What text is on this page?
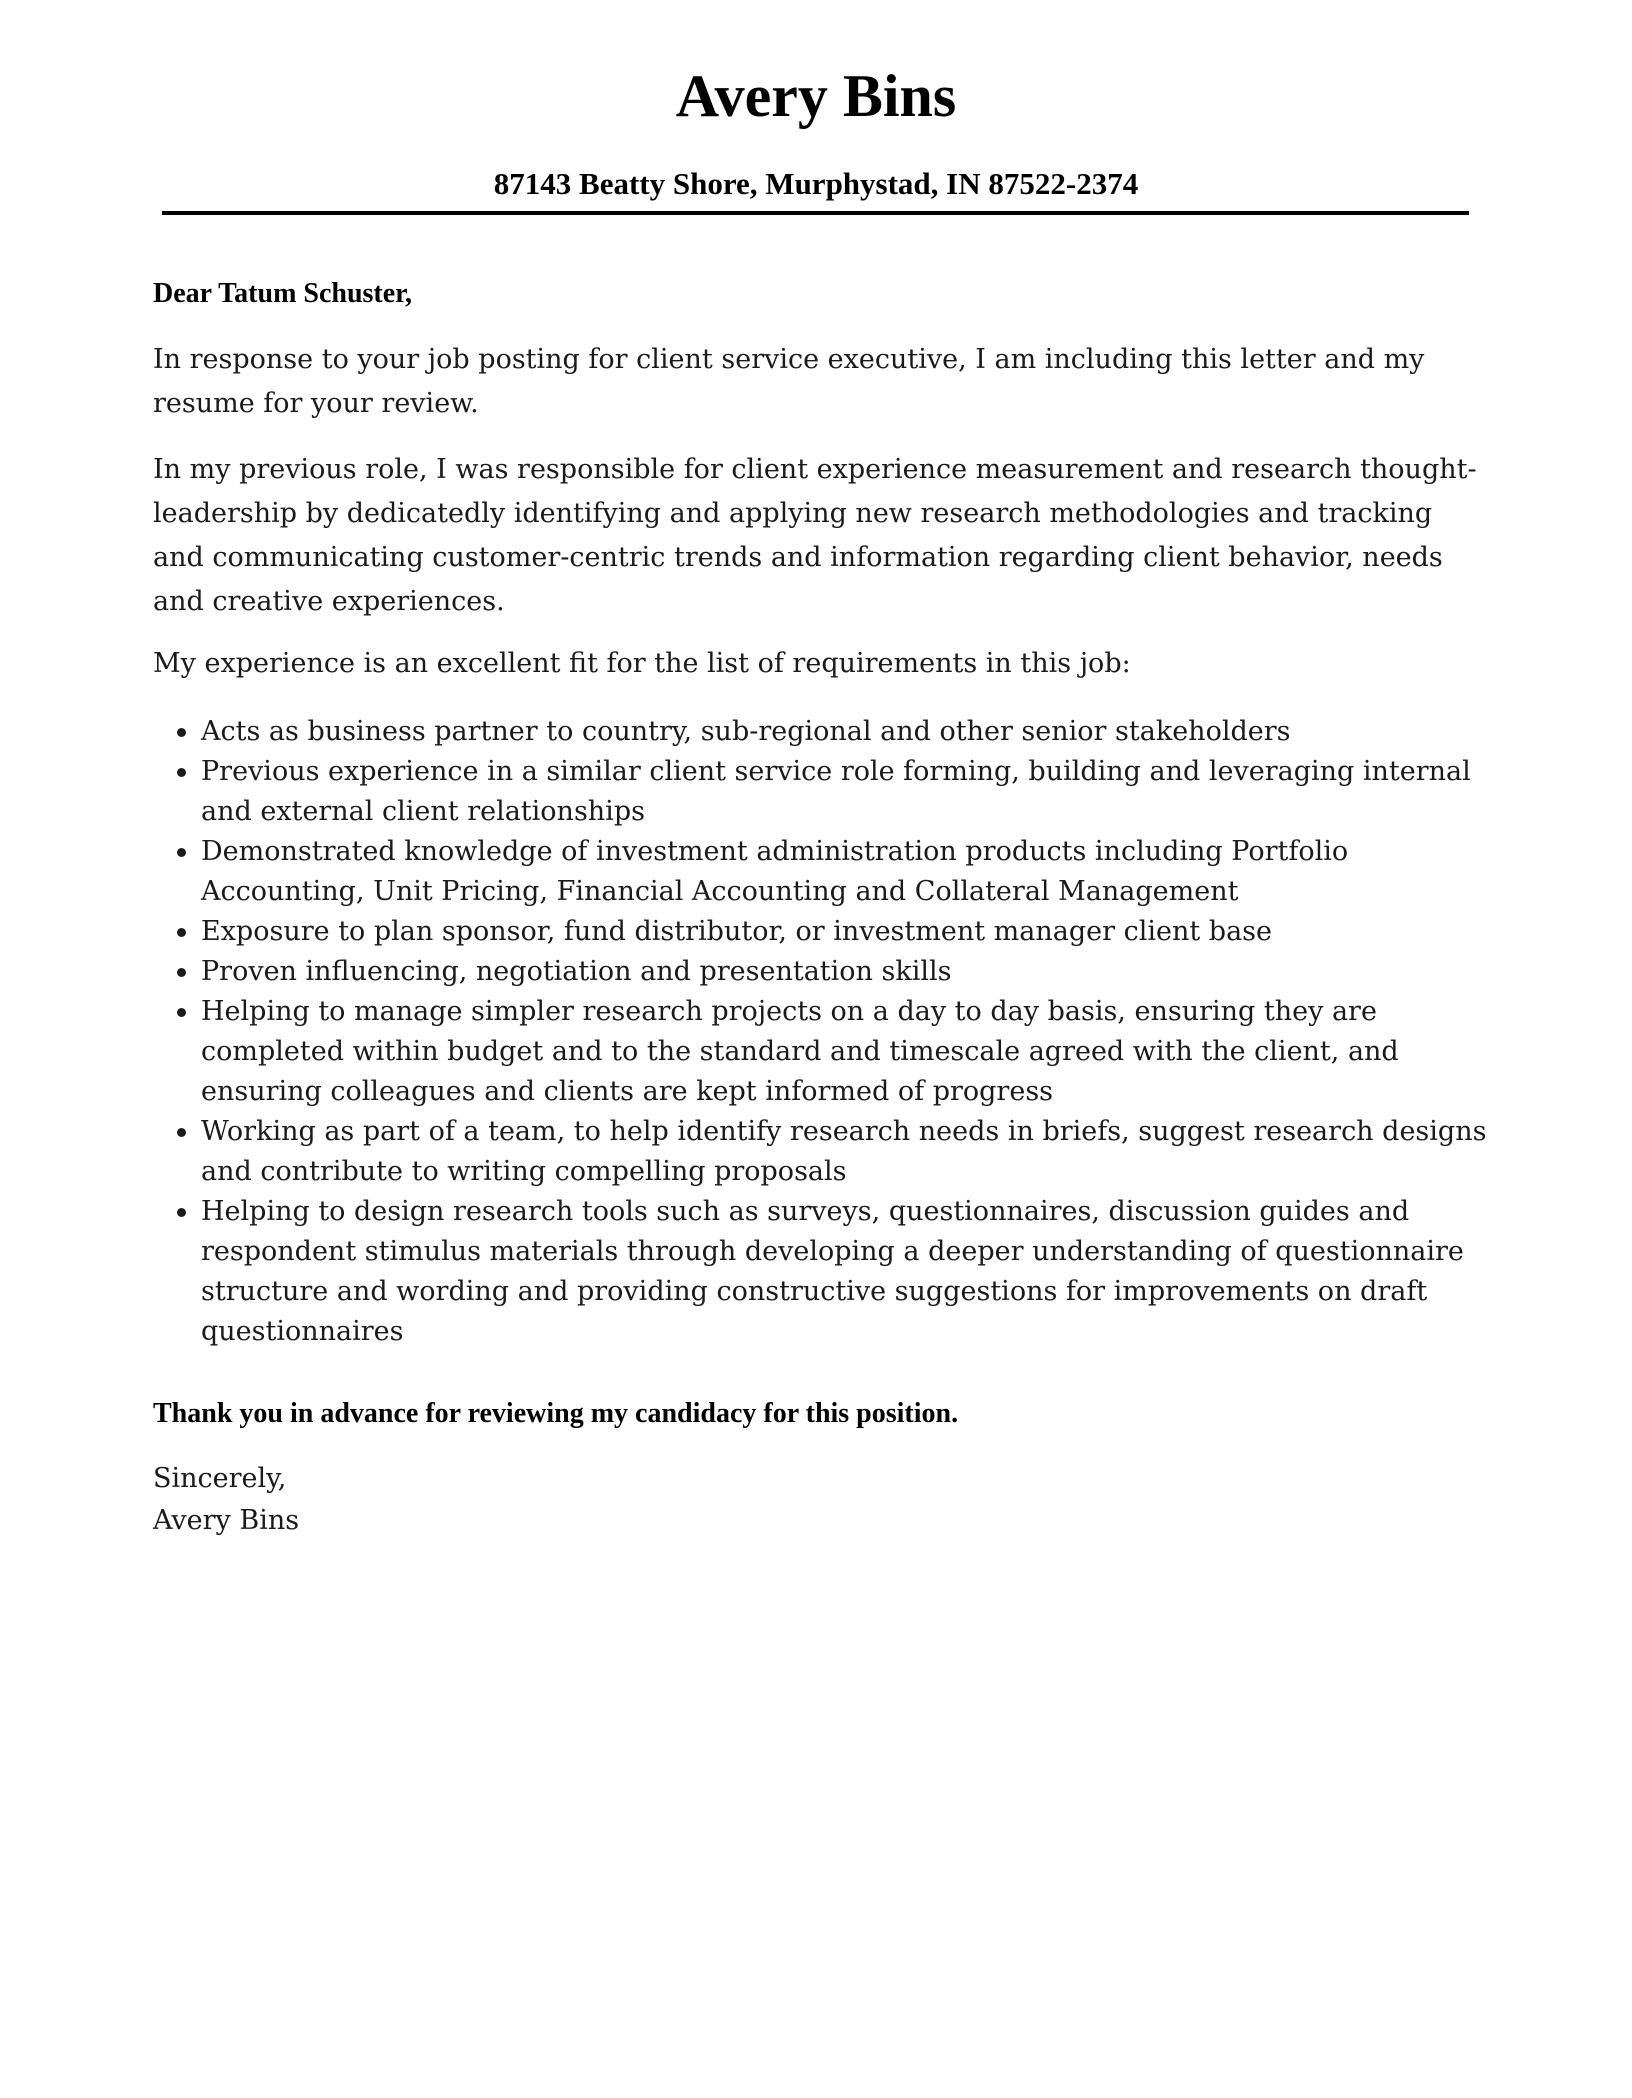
Avery Bins
87143 Beatty Shore, Murphystad, IN 87522-2374
Dear Tatum Schuster,

In response to your job posting for client service executive, I am including this letter and my resume for your review.

In my previous role, I was responsible for client experience measurement and research thought-leadership by dedicatedly identifying and applying new research methodologies and tracking and communicating customer-centric trends and information regarding client behavior, needs and creative experiences.

My experience is an excellent fit for the list of requirements in this job:

Acts as business partner to country, sub-regional and other senior stakeholders
Previous experience in a similar client service role forming, building and leveraging internal and external client relationships
Demonstrated knowledge of investment administration products including Portfolio Accounting, Unit Pricing, Financial Accounting and Collateral Management
Exposure to plan sponsor, fund distributor, or investment manager client base
Proven influencing, negotiation and presentation skills
Helping to manage simpler research projects on a day to day basis, ensuring they are completed within budget and to the standard and timescale agreed with the client, and ensuring colleagues and clients are kept informed of progress
Working as part of a team, to help identify research needs in briefs, suggest research designs and contribute to writing compelling proposals
Helping to design research tools such as surveys, questionnaires, discussion guides and respondent stimulus materials through developing a deeper understanding of questionnaire structure and wording and providing constructive suggestions for improvements on draft questionnaires
Thank you in advance for reviewing my candidacy for this position.
Sincerely,
Avery Bins
